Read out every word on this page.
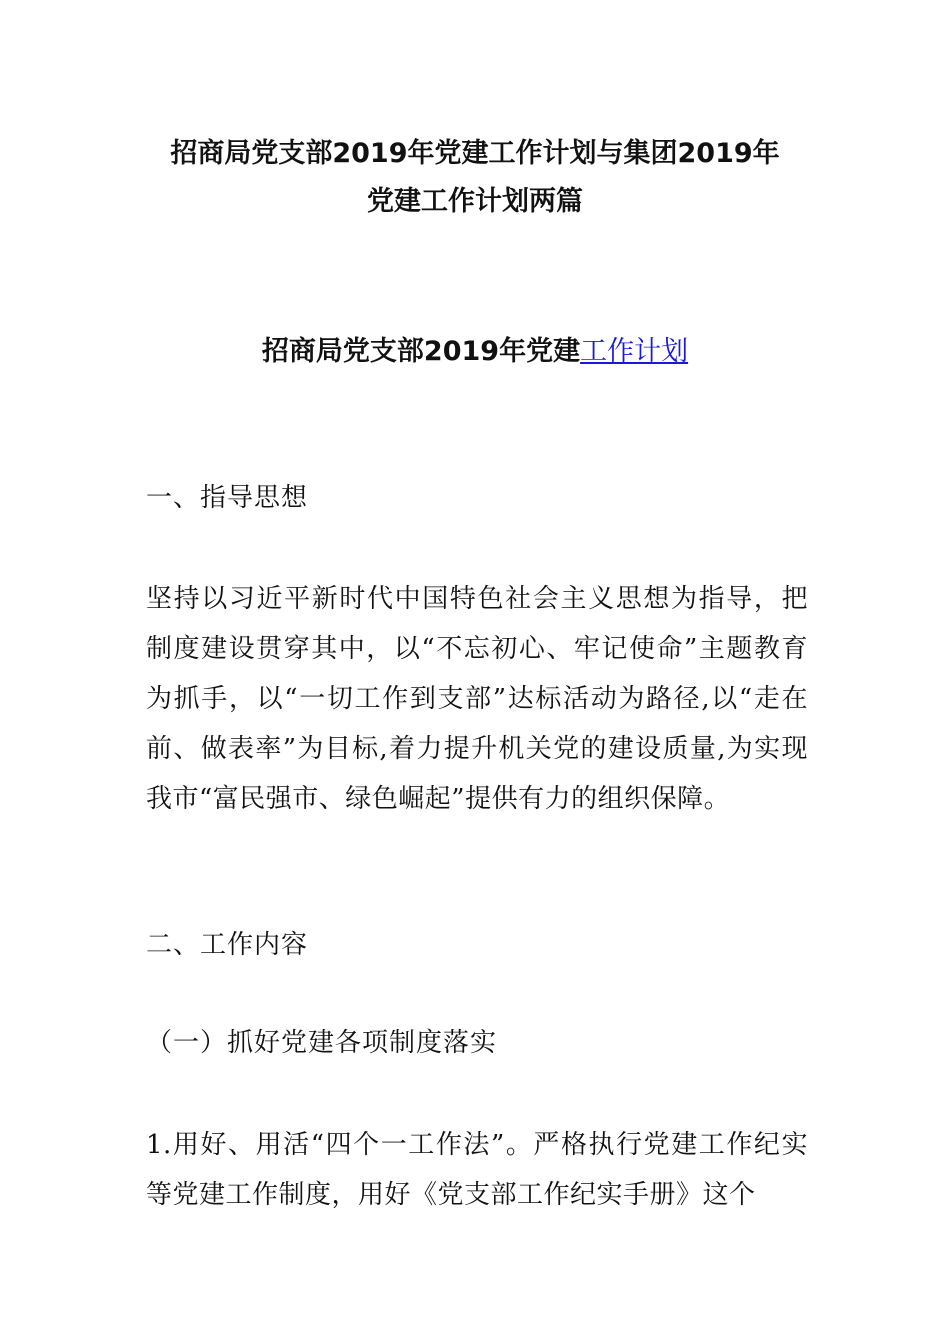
招商局党支部2019年党建工作计划与集团2019年
党建工作计划两篇
招商局党支部2019年党建工作计划

一、指导思想

坚持以习近平新时代中国特色社会主义思想为指导，把制度建设贯穿其中，以“不忘初心、牢记使命”主题教育为抓手，以“一切工作到支部”达标活动为路径,以“走在前、做表率”为目标,着力提升机关党的建设质量,为实现我市“富民强市、绿色崛起”提供有力的组织保障。

二、工作内容

（一）抓好党建各项制度落实

1.用好、用活“四个一工作法”。严格执行党建工作纪实等党建工作制度，用好《党支部工作纪实手册》这个
